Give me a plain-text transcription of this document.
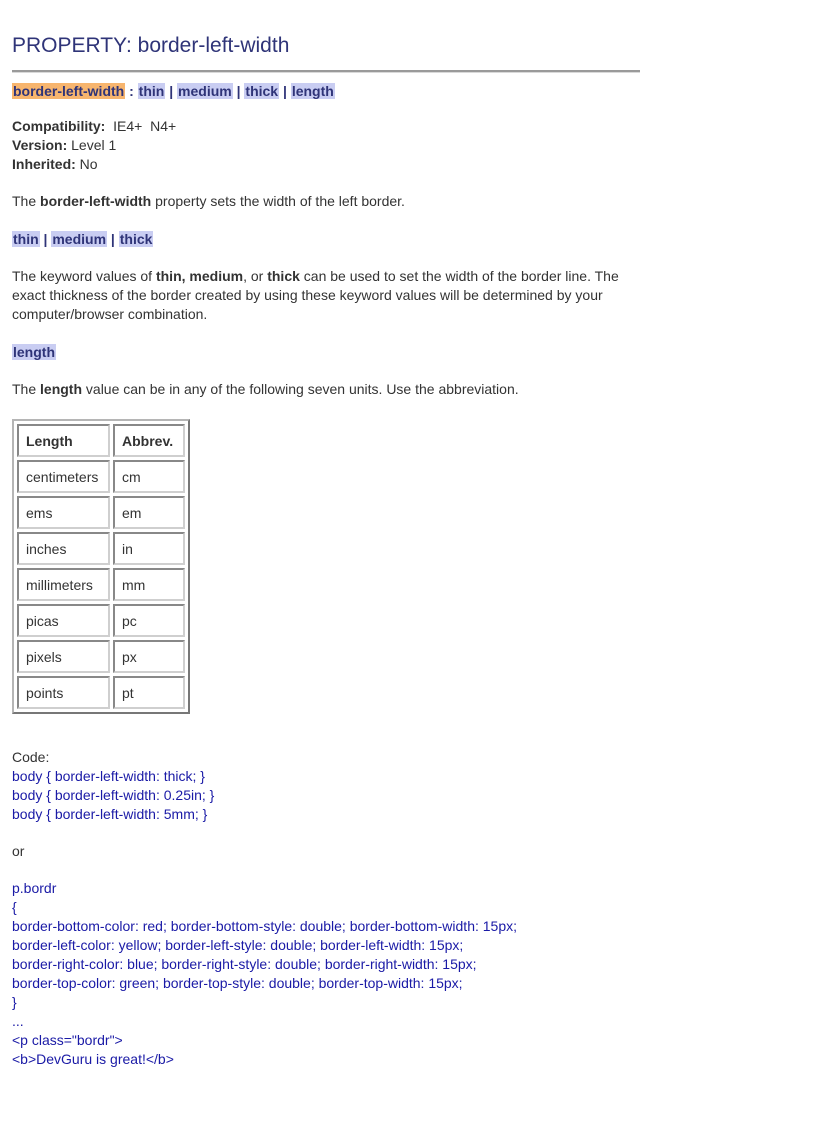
PROPERTY: border-left-width
border-left-width : thin | medium | thick | length
Compatibility: IE4+  N4+
Version: Level 1
Inherited: No
The border-left-width property sets the width of the left border.
thin | medium | thick
The keyword values of thin, medium, or thick can be used to set the width of the border line. The exact thickness of the border created by using these keyword values will be determined by your computer/browser combination.
length
The length value can be in any of the following seven units. Use the abbreviation.
Length	Abbrev.
centimeters	cm
ems	em
inches	in
millimeters	mm
picas	pc
pixels	px
points	pt
Code:
body { border-left-width: thick; }
body { border-left-width: 0.25in; }
body { border-left-width: 5mm; }
or
p.bordr
{
border-bottom-color: red; border-bottom-style: double; border-bottom-width: 15px;
border-left-color: yellow; border-left-style: double; border-left-width: 15px;
border-right-color: blue; border-right-style: double; border-right-width: 15px;
border-top-color: green; border-top-style: double; border-top-width: 15px;
}
...
<p class="bordr">
<b>DevGuru is great!</b>
